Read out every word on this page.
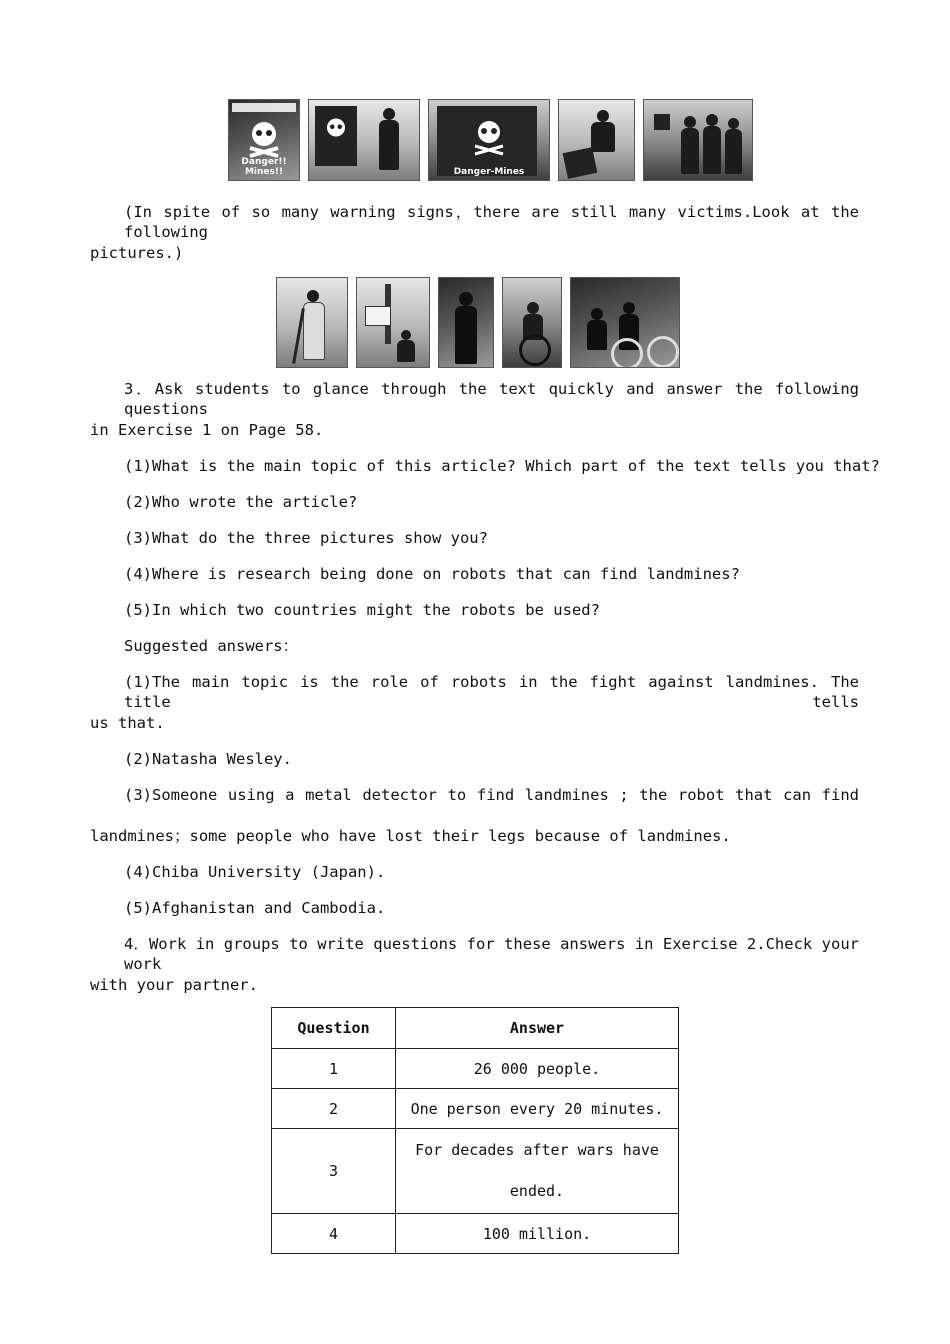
Danger!! Mines!!	Danger-Mines
(In spite of so many warning signs，there are still many victims.Look at the following
pictures.)
3．Ask students to glance through the text quickly and answer the following questions
in Exercise 1 on Page 58.
(1)What is the main topic of this article? Which part of the text tells you that?
(2)Who wrote the article?
(3)What do the three pictures show you?
(4)Where is research being done on robots that can find landmines?
(5)In which two countries might the robots be used?
Suggested answers：
(1)The main topic is the role of robots in the fight against landmines. The title tells
us that.
(2)Natasha Wesley.
(3)Someone using a metal detector to find landmines ; the robot that can find
landmines；some people who have lost their legs because of landmines.
(4)Chiba University (Japan).
(5)Afghanistan and Cambodia.
4．Work in groups to write questions for these answers in Exercise 2.Check your work
with your partner.
Question	Answer
1	26 000 people.
2	One person every 20 minutes.
3	For decades after wars have
ended.
4	100 million.
